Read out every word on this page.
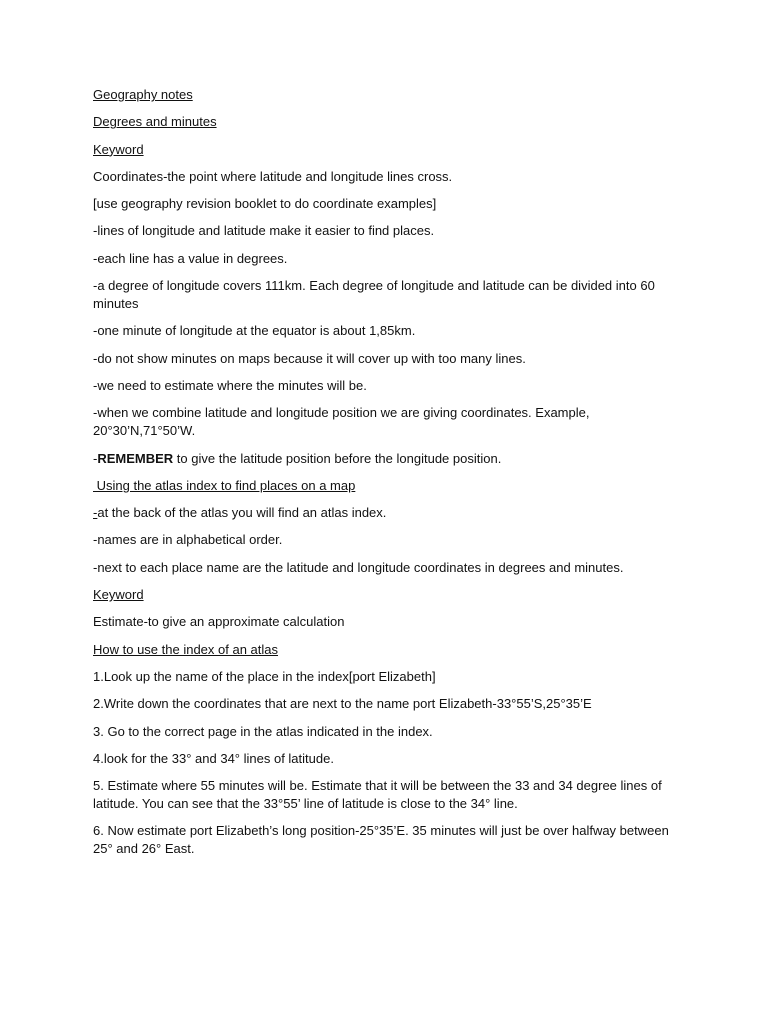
Geography notes
Degrees and minutes
Keyword
Coordinates-the point where latitude and longitude lines cross.
[use geography revision booklet to do coordinate examples]
-lines of longitude and latitude make it easier to find places.
-each line has a value in degrees.
-a degree of longitude covers 111km. Each degree of longitude and latitude can be divided into 60 minutes
-one minute of longitude at the equator is about 1,85km.
-do not show minutes on maps because it will cover up with too many lines.
-we need to estimate where the minutes will be.
-when we combine latitude and longitude position we are giving coordinates. Example, 20°30’N,71°50’W.
-REMEMBER to give the latitude position before the longitude position.
Using the atlas index to find places on a map
-at the back of the atlas you will find an atlas index.
-names are in alphabetical order.
-next to each place name are the latitude and longitude coordinates in degrees and minutes.
Keyword
Estimate-to give an approximate calculation
How to use the index of an atlas
1.Look up the name of the place in the index[port Elizabeth]
2.Write down the coordinates that are next to the name port Elizabeth-33°55’S,25°35’E
3. Go to the correct page in the atlas indicated in the index.
4.look for the 33° and 34° lines of latitude.
5. Estimate where 55 minutes will be. Estimate that it will be between the 33 and 34 degree lines of latitude. You can see that the 33°55’ line of latitude is close to the 34° line.
6. Now estimate port Elizabeth’s long position-25°35’E. 35 minutes will just be over halfway between 25° and 26° East.
